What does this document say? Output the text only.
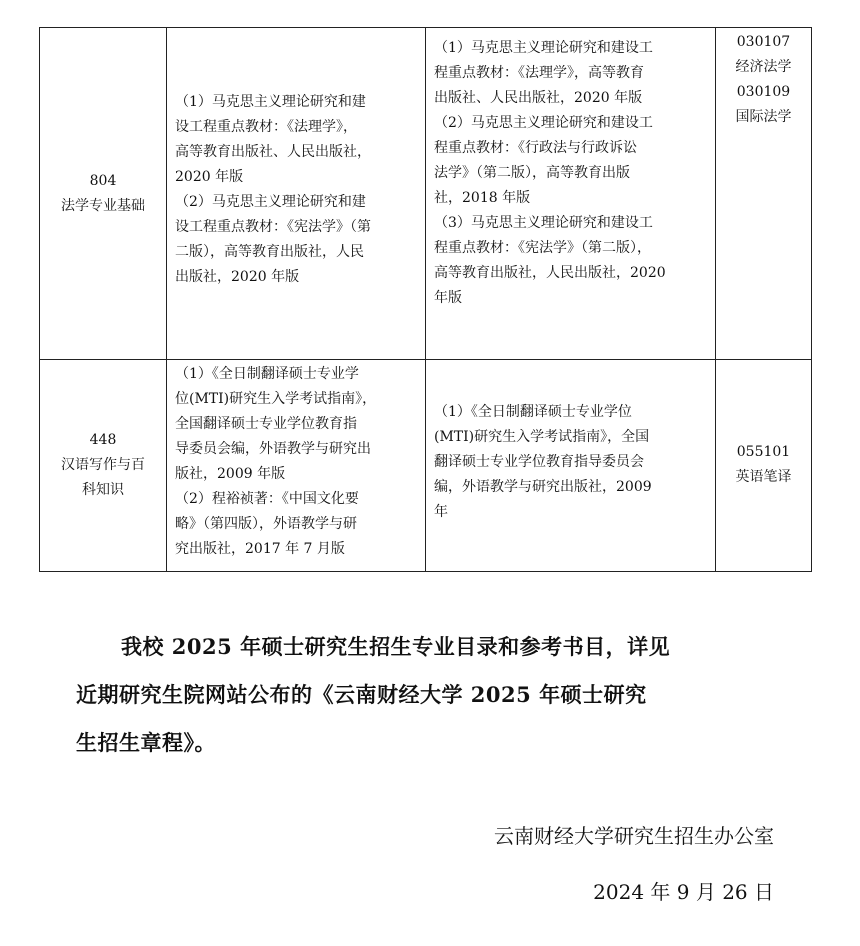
804
法学专业基础
（1）马克思主义理论研究和建
设工程重点教材：《法理学》，
高等教育出版社、人民出版社，
2020 年版
（2）马克思主义理论研究和建
设工程重点教材：《宪法学》（第
二版），高等教育出版社，人民
出版社，2020 年版
（1）马克思主义理论研究和建设工
程重点教材：《法理学》，高等教育
出版社、人民出版社，2020 年版
（2）马克思主义理论研究和建设工
程重点教材：《行政法与行政诉讼
法学》（第二版），高等教育出版
社，2018 年版
（3）马克思主义理论研究和建设工
程重点教材：《宪法学》（第二版），
高等教育出版社，人民出版社，2020
年版
030107
经济法学
030109
国际法学
448
汉语写作与百
科知识
（1）《全日制翻译硕士专业学
位(MTI)研究生入学考试指南》，
全国翻译硕士专业学位教育指
导委员会编，外语教学与研究出
版社，2009 年版
（2）程裕祯著：《中国文化要
略》（第四版），外语教学与研
究出版社，2017 年 7 月版
（1）《全日制翻译硕士专业学位
(MTI)研究生入学考试指南》，全国
翻译硕士专业学位教育指导委员会
编，外语教学与研究出版社，2009
年
055101
英语笔译
我校 2025 年硕士研究生招生专业目录和参考书目，详见
近期研究生院网站公布的《云南财经大学 2025 年硕士研究
生招生章程》。
云南财经大学研究生招生办公室
2024 年 9 月 26 日
